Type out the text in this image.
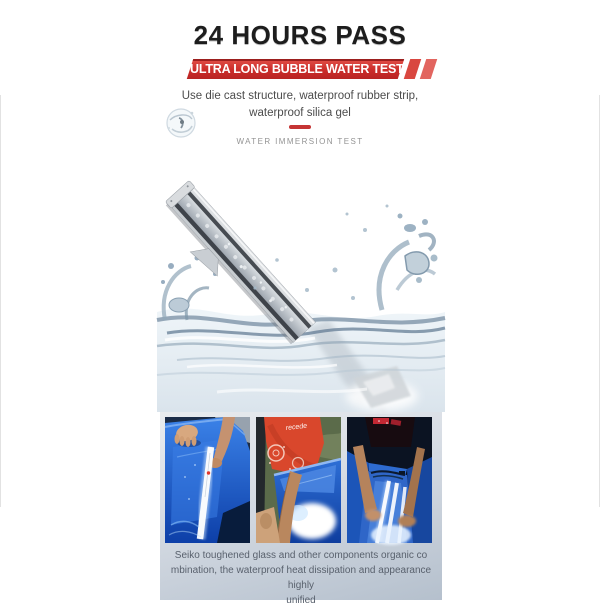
24 HOURS PASS
ULTRA LONG BUBBLE WATER TEST

Use die cast structure, waterproof rubber strip,
waterproof silica gel

WATER IMMERSION TEST
recede

Seiko toughened glass and other components organic co
mbination, the waterproof heat dissipation and appearance highly
unified
